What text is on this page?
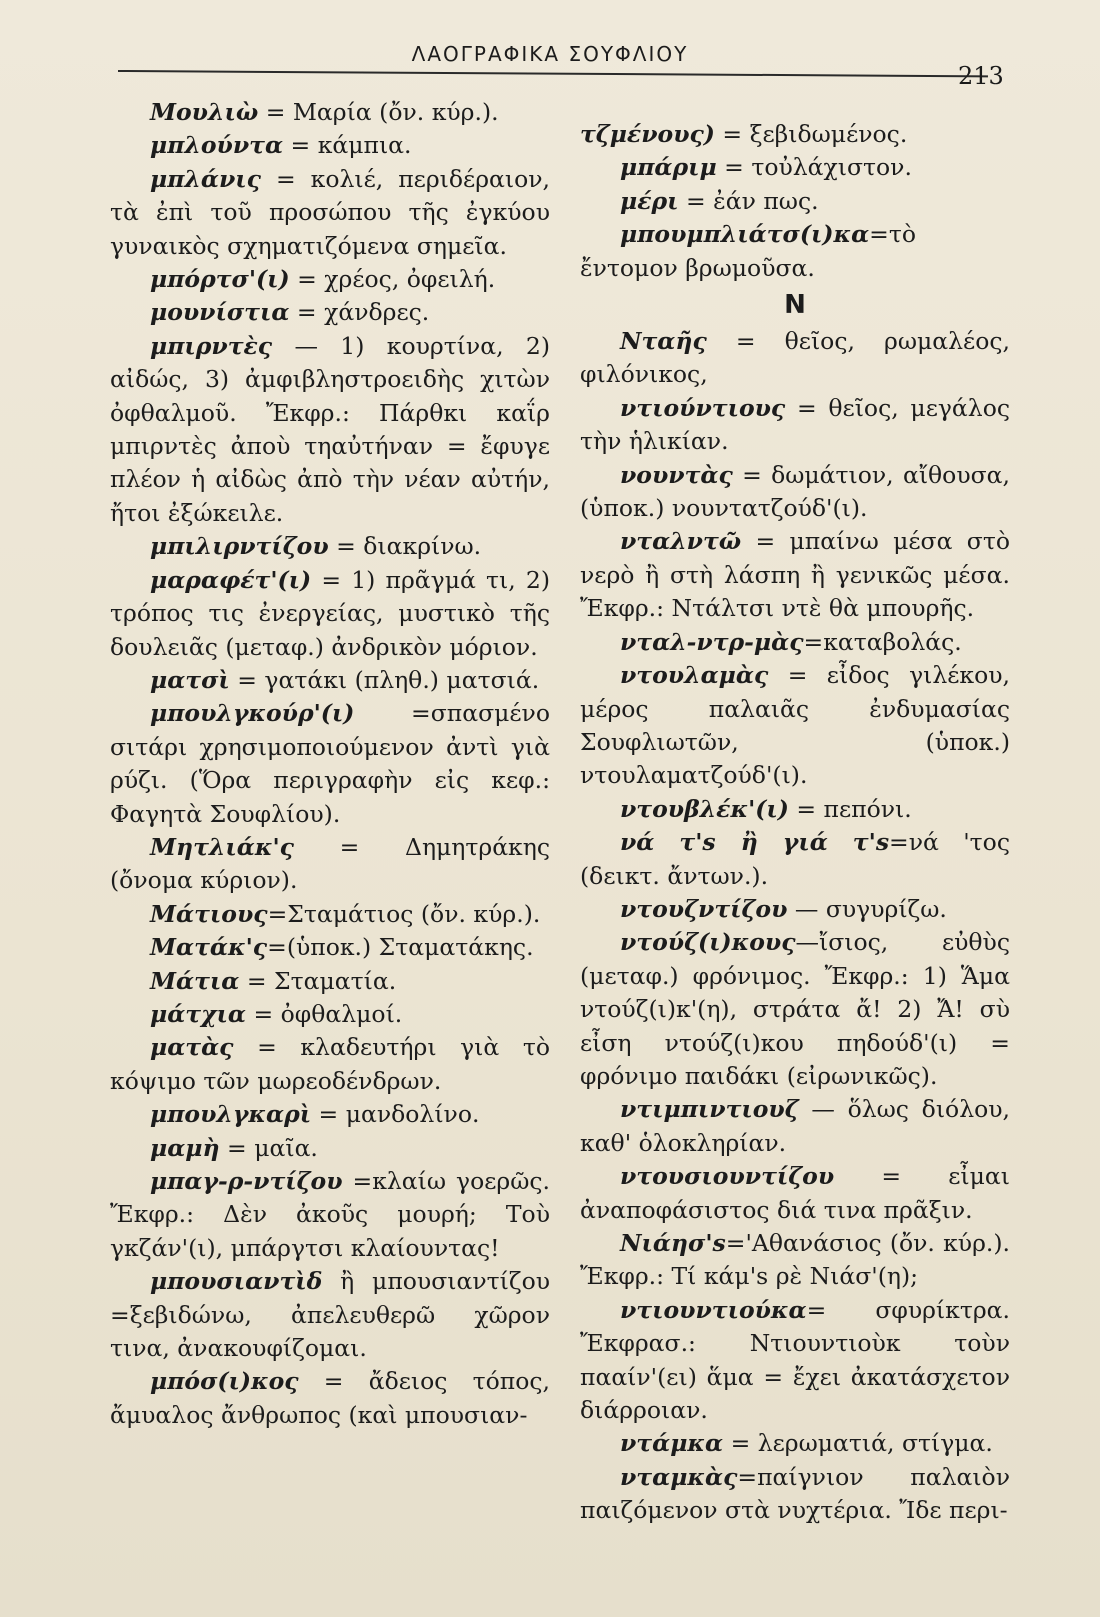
ΛΑΟΓΡΑΦΙΚΑ ΣΟΥΦΛΙΟΥ
213

Μουλιὼ = Μαρία (ὄν. κύρ.).

μπλούντα = κάμπια.

μπλάνις = κολιέ, περιδέραιον, τὰ ἐπὶ τοῦ προσώπου τῆς ἐγκύου γυναικὸς σχηματιζόμενα σημεῖα.

μπόρτσ'(ι) = χρέος, ὀφειλή.

μουνίστια = χάνδρες.

μπιρντὲς — 1) κουρτίνα, 2) αἰδώς, 3) ἀμφιβληστροειδὴς χιτὼν ὀφθαλμοῦ. Ἔκφρ.: Πάρθκι καΐρ μπιρντὲς ἀποὺ τηαὐτήναν = ἔφυγε πλέον ἡ αἰδὼς ἀπὸ τὴν νέαν αὐτήν, ἤτοι ἐξώκειλε.

μπιλιρντίζου = διακρίνω.

μαραφέτ'(ι) = 1) πρᾶγμά τι, 2) τρόπος τις ἐνεργείας, μυστικὸ τῆς δουλειᾶς (μεταφ.) ἀνδρικὸν μόριον.

ματσὶ = γατάκι (πληθ.) ματσιά.

μπουλγκούρ'(ι) =σπασμένο σιτάρι χρησιμοποιούμενον ἀντὶ γιὰ ρύζι. (Ὅρα περιγραφὴν εἰς κεφ.: Φαγητὰ Σουφλίου).

Μητλιάκ'ς = Δημητράκης (ὄνομα κύριον).

Μάτιους=Σταμάτιος (ὄν. κύρ.).

Ματάκ'ς=(ὑποκ.) Σταματάκης.

Μάτια = Σταματία.

μάτχια = ὀφθαλμοί.

ματὰς = κλαδευτήρι γιὰ τὸ κόψιμο τῶν μωρεοδένδρων.

μπουλγκαρὶ = μανδολίνο.

μαμὴ = μαῖα.

μπαγ-ρ-ντίζου =κλαίω γοερῶς. Ἔκφρ.: Δὲν ἀκοῦς μουρή; Τοὺ γκζάν'(ι), μπάργτσι κλαίουντας!

μπουσιαντὶδ ἢ μπουσιαντίζου =ξεβιδώνω, ἀπελευθερῶ χῶρον τινα, ἀνακουφίζομαι.

μπόσ(ι)κος = ἄδειος τόπος, ἄμυαλος ἄνθρωπος (καὶ μπουσιαν-

τζμένους) = ξεβιδωμένος.

μπάριμ = τοὐλάχιστον.

μέρι = ἐάν πως.

μπουμπλιάτσ(ι)κα=τὸ ἔντομον βρωμοῦσα.

Ν

Νταῆς = θεῖος, ρωμαλέος, φιλόνικος,

ντιούντιους = θεῖος, μεγάλος τὴν ἡλικίαν.

νουντὰς = δωμάτιον, αἴθουσα, (ὑποκ.) νουντατζούδ'(ι).

νταλντῶ = μπαίνω μέσα στὸ νερὸ ἢ στὴ λάσπη ἢ γενικῶς μέσα. Ἔκφρ.: Ντάλτσι ντὲ θὰ μπουρῆς.

νταλ-ντρ-μὰς=καταβολάς.

ντουλαμὰς = εἶδος γιλέκου, μέρος παλαιᾶς ἐνδυμασίας Σουφλιωτῶν, (ὑποκ.) ντουλαματζούδ'(ι).

ντουβλέκ'(ι) = πεπόνι.

νά τ's ἢ γιά τ's=νά 'τος (δεικτ. ἄντων.).

ντουζντίζου — συγυρίζω.

ντούζ(ι)κους—ἴσιος, εὐθὺς (μεταφ.) φρόνιμος. Ἔκφρ.: 1) Ἅμα ντούζ(ι)κ'(η), στράτα ἄ! 2) Ἄ! σὺ εἶση ντούζ(ι)κου πηδούδ'(ι) = φρόνιμο παιδάκι (εἰρωνικῶς).

ντιμπιντιουζ — ὅλως διόλου, καθ' ὁλοκληρίαν.

ντουσιουντίζου = εἶμαι ἀναποφάσιστος διά τινα πρᾶξιν.

Νιάησ's='Αθανάσιος (ὄν. κύρ.). Ἔκφρ.: Τί κάμ's ρὲ Νιάσ'(η);

ντιουντιούκα= σφυρίκτρα. Ἔκφρασ.: Ντιουντιοὺκ τοὺν πααίν'(ει) ἅμα = ἔχει ἀκατάσχετον διάρροιαν.

ντάμκα = λερωματιά, στίγμα.

νταμκὰς=παίγνιον παλαιὸν παιζόμενον στὰ νυχτέρια. Ἴδε περι-
